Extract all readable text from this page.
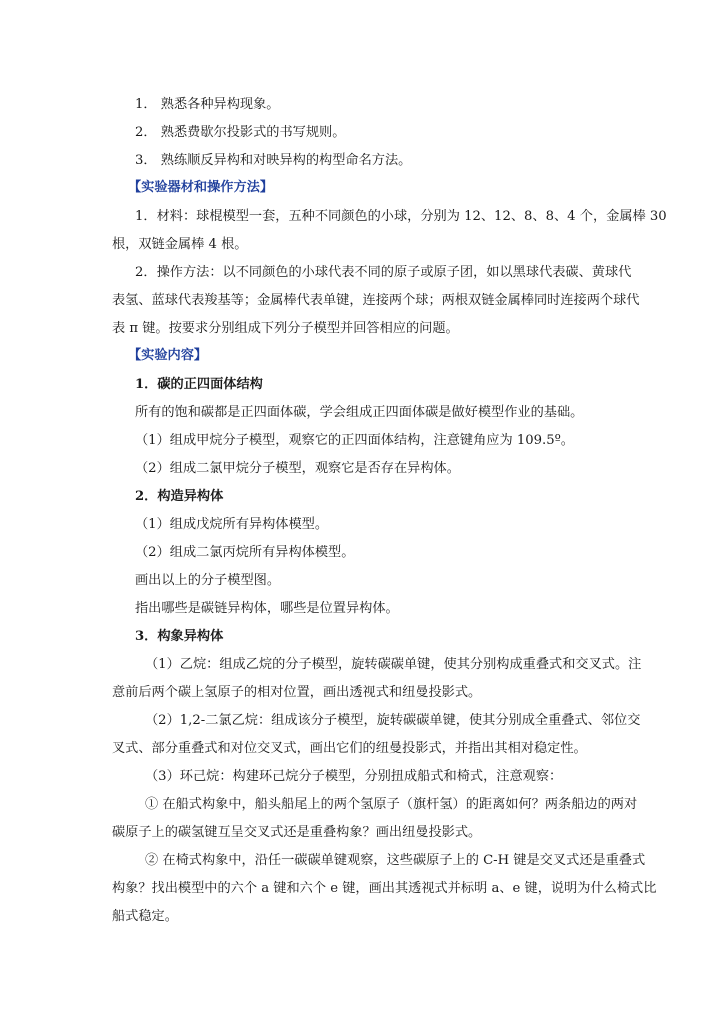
1． 熟悉各种异构现象。
2． 熟悉费歇尔投影式的书写规则。
3． 熟练顺反异构和对映异构的构型命名方法。
【实验器材和操作方法】
1．材料：球棍模型一套，五种不同颜色的小球，分别为 12、12、8、8、4 个，金属棒 30
根，双链金属棒 4 根。
2．操作方法：以不同颜色的小球代表不同的原子或原子团，如以黑球代表碳、黄球代
表氢、蓝球代表羧基等；金属棒代表单键，连接两个球；两根双链金属棒同时连接两个球代
表 π 键。按要求分别组成下列分子模型并回答相应的问题。
【实验内容】
1．碳的正四面体结构
所有的饱和碳都是正四面体碳，学会组成正四面体碳是做好模型作业的基础。
（1）组成甲烷分子模型，观察它的正四面体结构，注意键角应为 109.5º。
（2）组成二氯甲烷分子模型，观察它是否存在异构体。
2．构造异构体
（1）组成戊烷所有异构体模型。
（2）组成二氯丙烷所有异构体模型。
画出以上的分子模型图。
指出哪些是碳链异构体，哪些是位置异构体。
3．构象异构体
（1）乙烷：组成乙烷的分子模型，旋转碳碳单键，使其分别构成重叠式和交叉式。注
意前后两个碳上氢原子的相对位置，画出透视式和纽曼投影式。
（2）1,2-二氯乙烷：组成该分子模型，旋转碳碳单键，使其分别成全重叠式、邻位交
叉式、部分重叠式和对位交叉式，画出它们的纽曼投影式，并指出其相对稳定性。
（3）环己烷：构建环己烷分子模型，分别扭成船式和椅式，注意观察：
① 在船式构象中，船头船尾上的两个氢原子（旗杆氢）的距离如何？两条船边的两对
碳原子上的碳氢键互呈交叉式还是重叠构象？画出纽曼投影式。
② 在椅式构象中，沿任一碳碳单键观察，这些碳原子上的 C-H 键是交叉式还是重叠式
构象？找出模型中的六个 a 键和六个 e 键，画出其透视式并标明 a、e 键，说明为什么椅式比
船式稳定。
